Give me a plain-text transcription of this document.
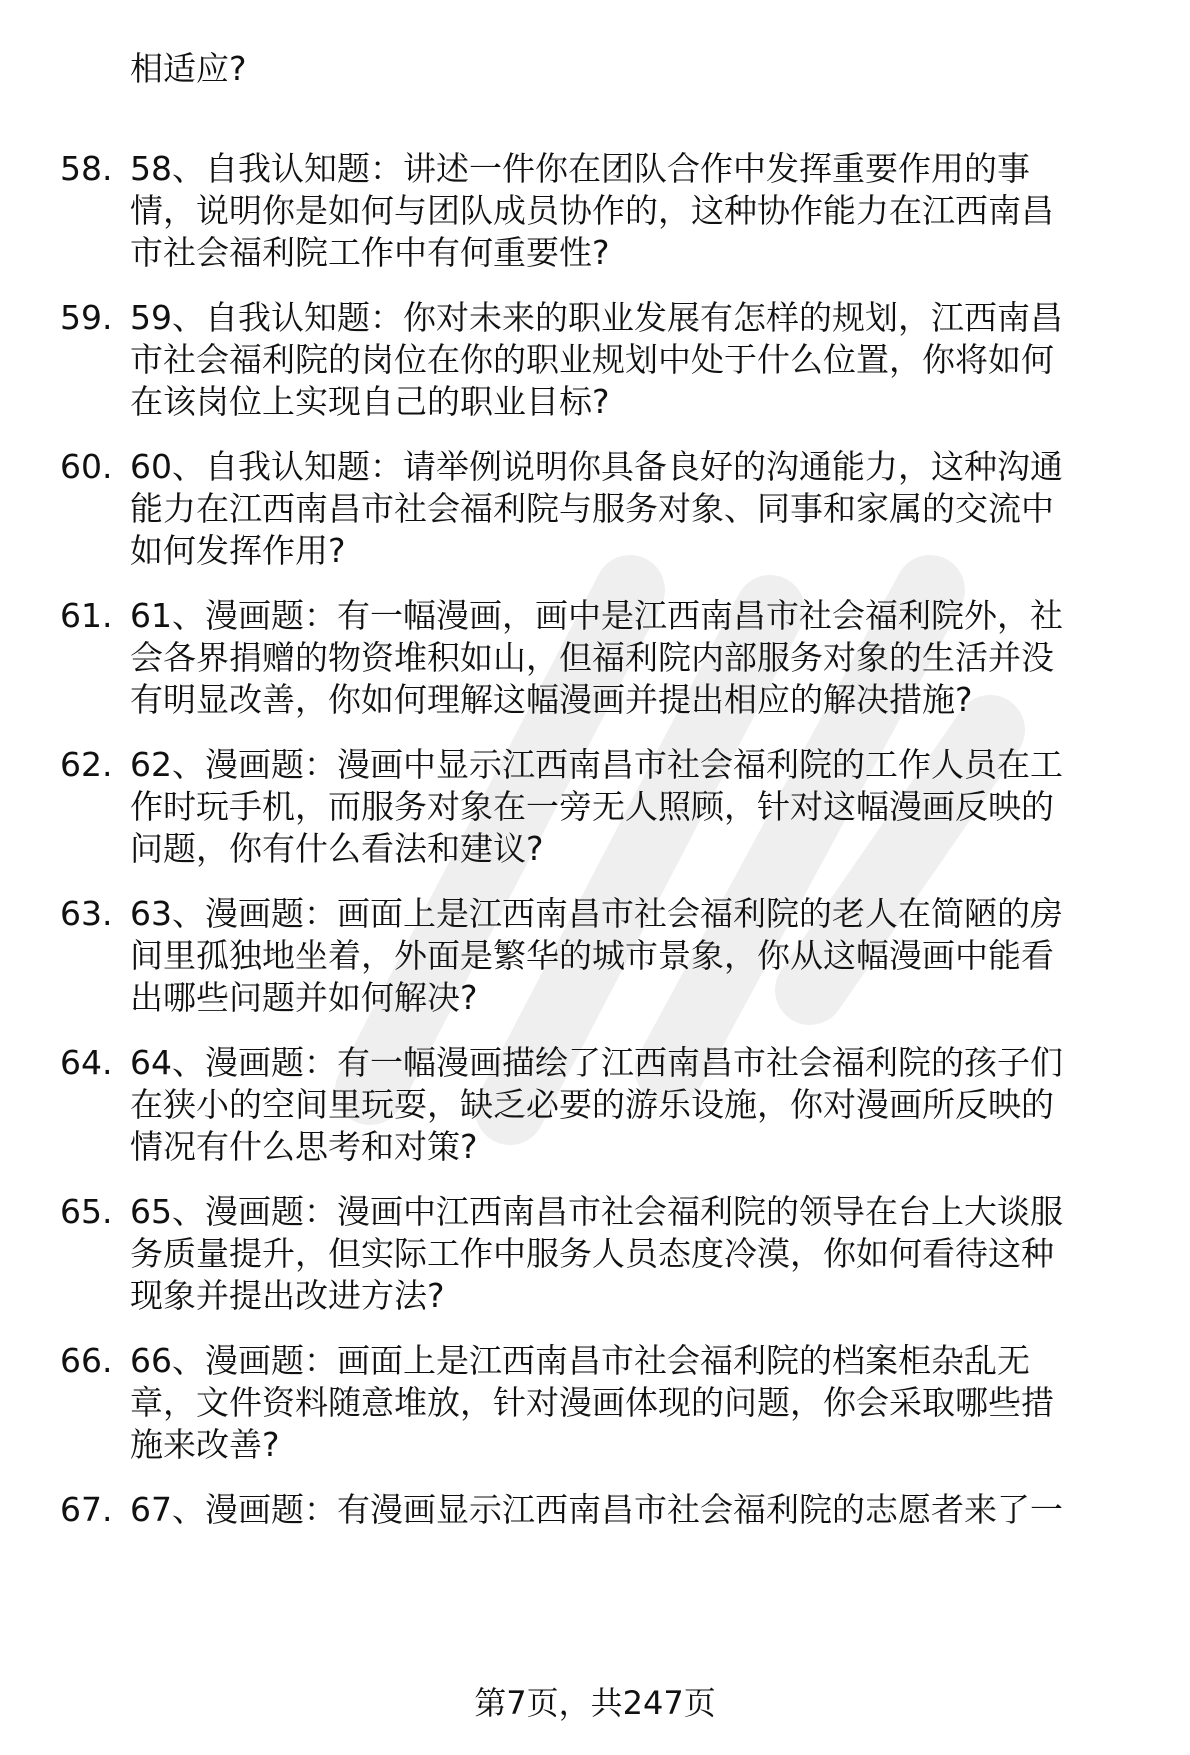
相适应?
58. 58、自我认知题：讲述一件你在团队合作中发挥重要作用的事
情，说明你是如何与团队成员协作的，这种协作能力在江西南昌
市社会福利院工作中有何重要性?
59. 59、自我认知题：你对未来的职业发展有怎样的规划，江西南昌
市社会福利院的岗位在你的职业规划中处于什么位置，你将如何
在该岗位上实现自己的职业目标?
60. 60、自我认知题：请举例说明你具备良好的沟通能力，这种沟通
能力在江西南昌市社会福利院与服务对象、同事和家属的交流中
如何发挥作用?
61. 61、漫画题：有一幅漫画，画中是江西南昌市社会福利院外，社
会各界捐赠的物资堆积如山，但福利院内部服务对象的生活并没
有明显改善，你如何理解这幅漫画并提出相应的解决措施?
62. 62、漫画题：漫画中显示江西南昌市社会福利院的工作人员在工
作时玩手机，而服务对象在一旁无人照顾，针对这幅漫画反映的
问题，你有什么看法和建议?
63. 63、漫画题：画面上是江西南昌市社会福利院的老人在简陋的房
间里孤独地坐着，外面是繁华的城市景象，你从这幅漫画中能看
出哪些问题并如何解决?
64. 64、漫画题：有一幅漫画描绘了江西南昌市社会福利院的孩子们
在狭小的空间里玩耍，缺乏必要的游乐设施，你对漫画所反映的
情况有什么思考和对策?
65. 65、漫画题：漫画中江西南昌市社会福利院的领导在台上大谈服
务质量提升，但实际工作中服务人员态度冷漠，你如何看待这种
现象并提出改进方法?
66. 66、漫画题：画面上是江西南昌市社会福利院的档案柜杂乱无
章，文件资料随意堆放，针对漫画体现的问题，你会采取哪些措
施来改善?
67. 67、漫画题：有漫画显示江西南昌市社会福利院的志愿者来了一
第7页，共247页
